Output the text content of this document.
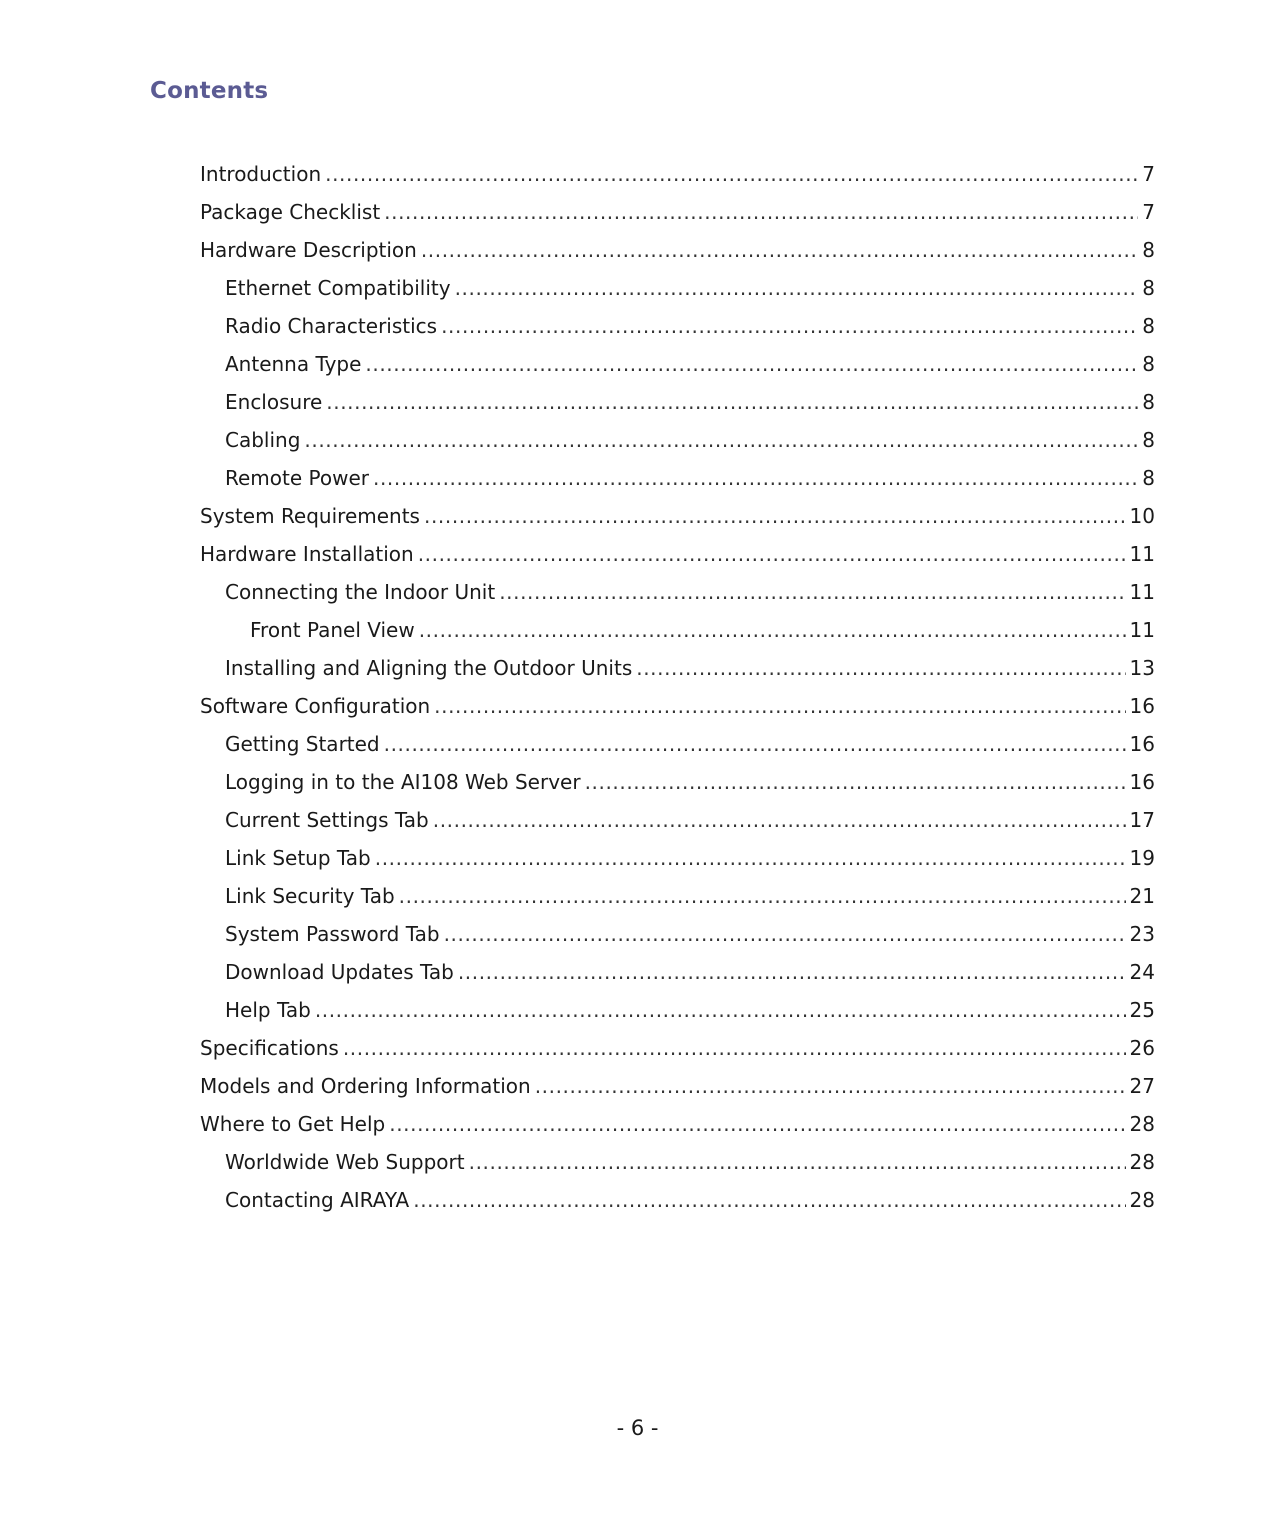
Contents
Introduction .....	7
Package Checklist .....	7
Hardware Description .....	8
Ethernet Compatibility .....	8
Radio Characteristics .....	8
Antenna Type .....	8
Enclosure .....	8
Cabling .....	8
Remote Power .....	8
System Requirements .....	10
Hardware Installation .....	11
Connecting the Indoor Unit .....	11
Front Panel View .....	11
Installing and Aligning the Outdoor Units .....	13
Software Configuration .....	16
Getting Started .....	16
Logging in to the AI108 Web Server .....	16
Current Settings Tab .....	17
Link Setup Tab .....	19
Link Security Tab .....	21
System Password Tab .....	23
Download Updates Tab .....	24
Help Tab .....	25
Specifications .....	26
Models and Ordering Information .....	27
Where to Get Help .....	28
Worldwide Web Support .....	28
Contacting AIRAYA .....	28
- 6 -
